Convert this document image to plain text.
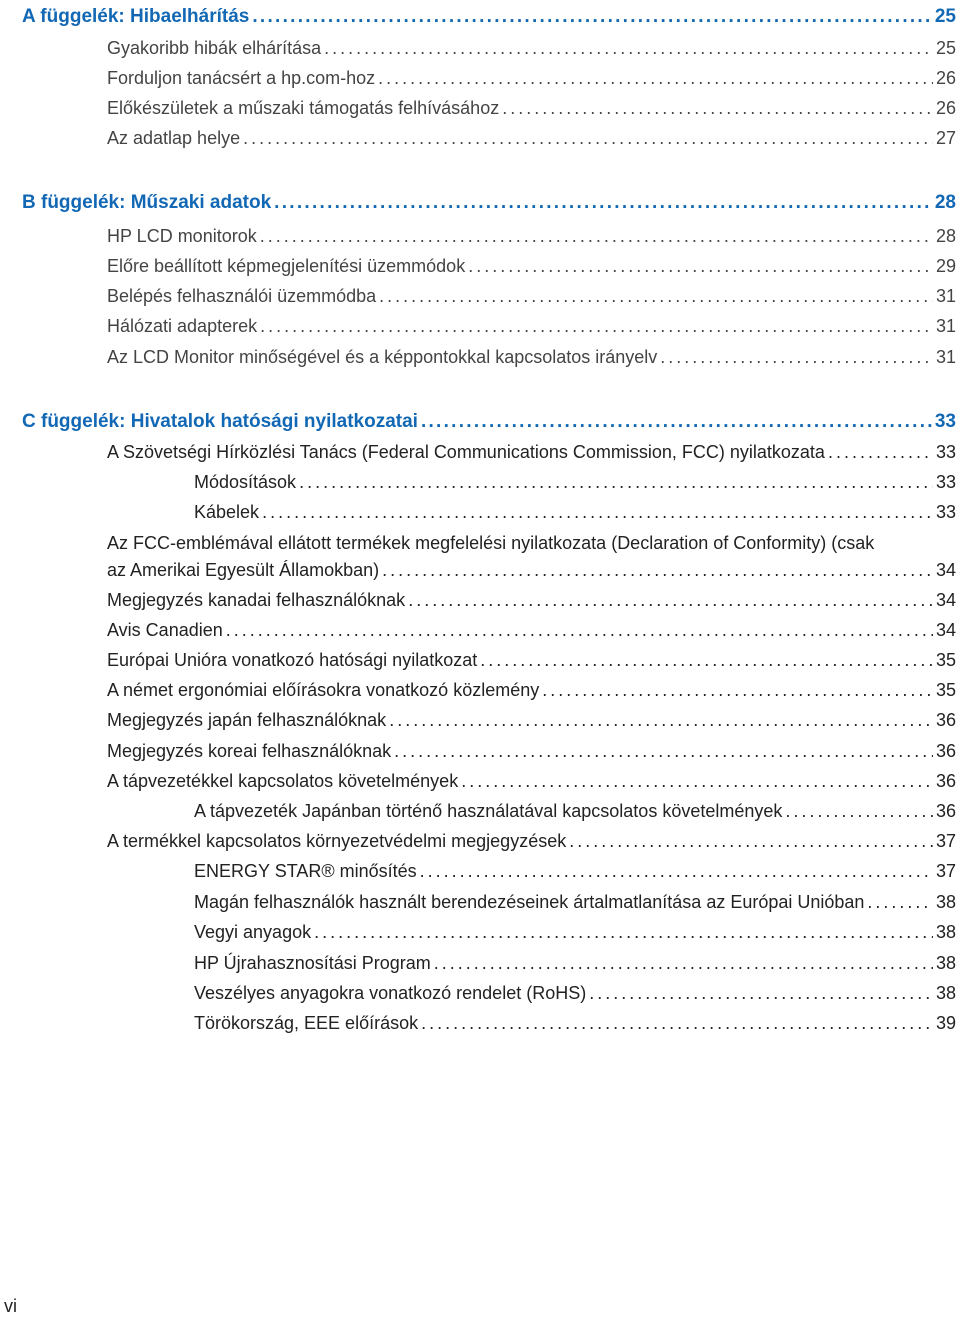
A függelék: Hibaelhárítás . . .	25
Gyakoribb hibák elhárítása . . .	25
Forduljon tanácsért a hp.com-hoz . . .	26
Előkészületek a műszaki támogatás felhívásához . . .	26
Az adatlap helye . . .	27
B függelék: Műszaki adatok . . .	28
HP LCD monitorok . . .	28
Előre beállított képmegjelenítési üzemmódok . . .	29
Belépés felhasználói üzemmódba . . .	31
Hálózati adapterek . . .	31
Az LCD Monitor minőségével és a képpontokkal kapcsolatos irányelv . . .	31
C függelék: Hivatalok hatósági nyilatkozatai . . .	33
A Szövetségi Hírközlési Tanács (Federal Communications Commission, FCC) nyilatkozata . . .	33
Módosítások . . .	33
Kábelek . . .	33
Az FCC-emblémával ellátott termékek megfelelési nyilatkozata (Declaration of Conformity) (csak
az Amerikai Egyesült Államokban) . . .	34
Megjegyzés kanadai felhasználóknak . . .	34
Avis Canadien . . .	34
Európai Unióra vonatkozó hatósági nyilatkozat . . .	35
A német ergonómiai előírásokra vonatkozó közlemény . . .	35
Megjegyzés japán felhasználóknak . . .	36
Megjegyzés koreai felhasználóknak . . .	36
A tápvezetékkel kapcsolatos követelmények . . .	36
A tápvezeték Japánban történő használatával kapcsolatos követelmények . . .	36
A termékkel kapcsolatos környezetvédelmi megjegyzések . . .	37
ENERGY STAR® minősítés . . .	37
Magán felhasználók használt berendezéseinek ártalmatlanítása az Európai Unióban . . .	38
Vegyi anyagok . . .	38
HP Újrahasznosítási Program . . .	38
Veszélyes anyagokra vonatkozó rendelet (RoHS) . . .	38
Törökország, EEE előírások . . .	39
vi
